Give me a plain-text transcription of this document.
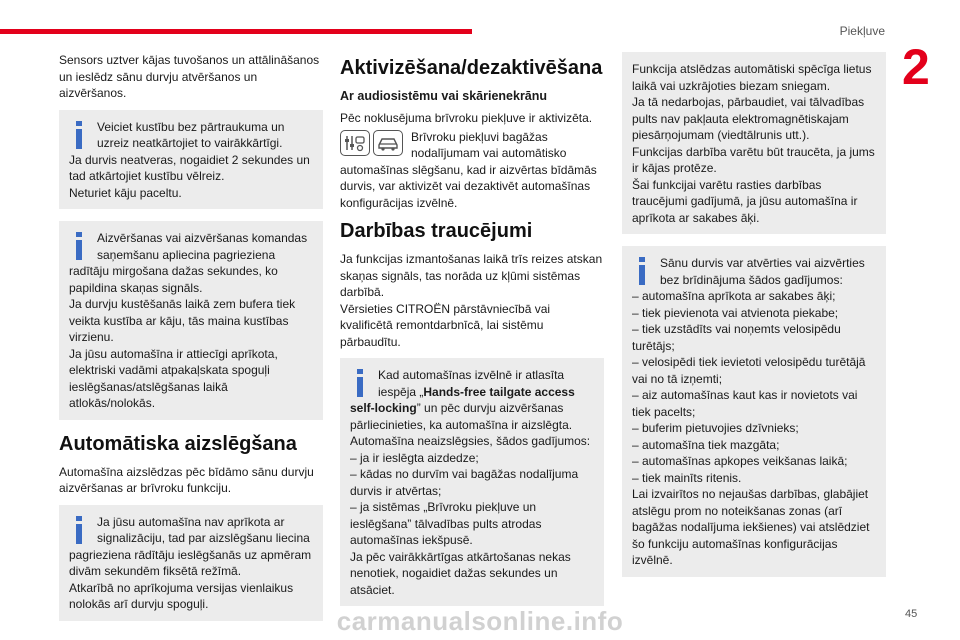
Piekļuve
2

Sensors uztver kājas tuvošanos un attālināšanos un ieslēdz sānu durvju atvēršanos un aizvēršanos.

Veiciet kustību bez pārtraukuma un uzreiz neatkārtojiet to vairākkārtīgi.
Ja durvis neatveras, nogaidiet 2 sekundes un tad atkārtojiet kustību vēlreiz.
Neturiet kāju paceltu.
Aizvēršanas vai aizvēršanas komandas saņemšanu apliecina pagrieziena radītāju mirgošana dažas sekundes, ko papildina skaņas signāls.
Ja durvju kustēšanās laikā zem bufera tiek veikta kustība ar kāju, tās maina kustības virzienu.
Ja jūsu automašīna ir attiecīgi aprīkota, elektriski vadāmi atpakaļskata spoguļi ieslēgšanas/atslēgšanas laikā atlokās/nolokās.
Automātiska aizslēgšana

Automašīna aizslēdzas pēc bīdāmo sānu durvju aizvēršanas ar brīvroku funkciju.

Ja jūsu automašīna nav aprīkota ar signalizāciju, tad par aizslēgšanu liecina pagrieziena rādītāju ieslēgšanās uz apmēram divām sekundēm fiksētā režīmā.
Atkarībā no aprīkojuma versijas vienlaikus nolokās arī durvju spoguļi.
Aktivizēšana/dezaktivēšana
Ar audiosistēmu vai skārienekrānu

Pēc noklusējuma brīvroku piekļuve ir aktivizēta.

Brīvroku piekļuvi bagāžas nodalījumam vai automātisko automašīnas slēgšanu, kad ir aizvērtas bīdāmās durvis, var aktivizēt vai dezaktivēt automašīnas konfigurācijas izvēlnē.

Darbības traucējumi

Ja funkcijas izmantošanas laikā trīs reizes atskan skaņas signāls, tas norāda uz kļūmi sistēmas darbībā.

Vērsieties CITROËN pārstāvniecībā vai kvalificētā remontdarbnīcā, lai sistēmu pārbaudītu.

Kad automašīnas izvēlnē ir atlasīta iespēja „Hands-free tailgate access self-locking” un pēc durvju aizvēršanas pārliecinieties, ka automašīna ir aizslēgta.
Automašīna neaizslēgsies, šādos gadījumos:
– ja ir ieslēgta aizdedze;
– kādas no durvīm vai bagāžas nodalījuma durvis ir atvērtas;
– ja sistēmas „Brīvroku piekļuve un ieslēgšana” tālvadības pults atrodas automašīnas iekšpusē.
Ja pēc vairākkārtīgas atkārtošanas nekas nenotiek, nogaidiet dažas sekundes un atsāciet.
Funkcija atslēdzas automātiski spēcīga lietus laikā vai uzkrājoties biezam sniegam.
Ja tā nedarbojas, pārbaudiet, vai tālvadības pults nav pakļauta elektromagnētiskajam piesārņojumam (viedtālrunis utt.).
Funkcijas darbība varētu būt traucēta, ja jums ir kājas protēze.
Šai funkcijai varētu rasties darbības traucējumi gadījumā, ja jūsu automašīna ir aprīkota ar sakabes āķi.
Sānu durvis var atvērties vai aizvērties bez brīdinājuma šādos gadījumos:
– automašīna aprīkota ar sakabes āķi;
– tiek pievienota vai atvienota piekabe;
– tiek uzstādīts vai noņemts velosipēdu turētājs;
– velosipēdi tiek ievietoti velosipēdu turētājā vai no tā izņemti;
– aiz automašīnas kaut kas ir novietots vai tiek pacelts;
– buferim pietuvojies dzīvnieks;
– automašīna tiek mazgāta;
– automašīnas apkopes veikšanas laikā;
– tiek mainīts ritenis.
Lai izvairītos no nejaušas darbības, glabājiet atslēgu prom no noteikšanas zonas (arī bagāžas nodalījuma iekšienes) vai atslēdziet šo funkciju automašīnas konfigurācijas izvēlnē.
45
carmanualsonline.info
